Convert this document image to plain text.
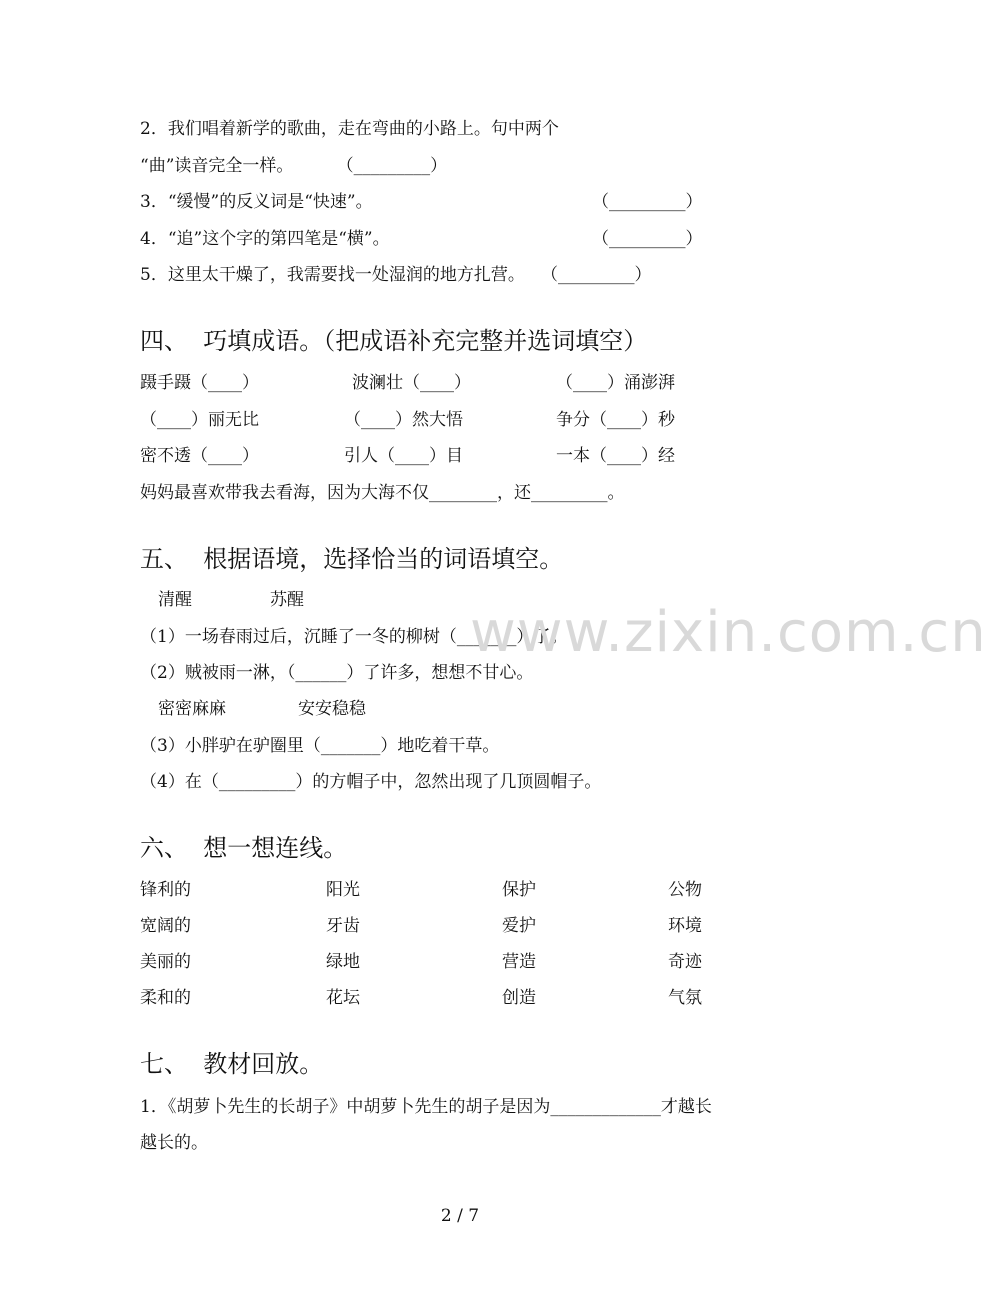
2．我们唱着新学的歌曲，走在弯曲的小路上。句中两个
“曲”读音完全一样。        （_________）
3．“缓慢”的反义词是“快速”。	（_________）
4．“追”这个字的第四笔是“横”。	（_________）
5．这里太干燥了，我需要找一处湿润的地方扎营。   （_________）
四、  巧填成语。（把成语补充完整并选词填空）
蹑手蹑（____）	波澜壮（____）	（____）涌澎湃
（____）丽无比	（____）然大悟	争分（____）秒
密不透（____）	引人（____）目	一本（____）经
妈妈最喜欢带我去看海，因为大海不仅________，还_________。
五、  根据语境，选择恰当的词语填空。
清醒	苏醒
（1）一场春雨过后，沉睡了一冬的柳树（_______）了。
（2）贼被雨一淋，（______）了许多，想想不甘心。
密密麻麻	安安稳稳
（3）小胖驴在驴圈里（_______）地吃着干草。
（4）在（_________）的方帽子中，忽然出现了几顶圆帽子。
www.zixin.com.cn
六、  想一想连线。
锋利的	阳光	保护	公物
宽阔的	牙齿	爱护	环境
美丽的	绿地	营造	奇迹
柔和的	花坛	创造	气氛
七、  教材回放。
1．《胡萝卜先生的长胡子》中胡萝卜先生的胡子是因为_____________才越长
越长的。
2 / 7
